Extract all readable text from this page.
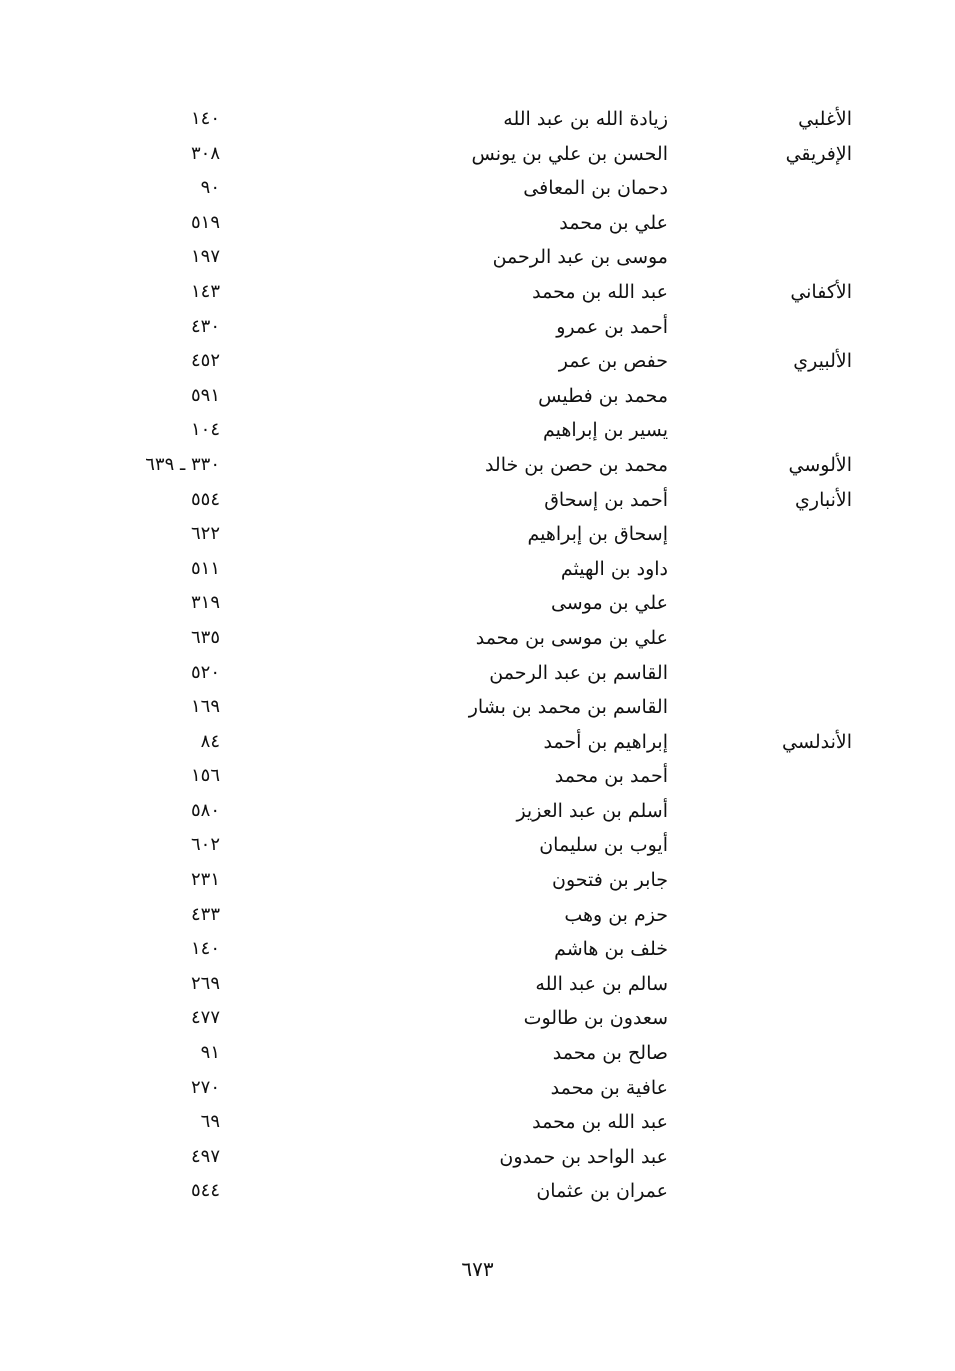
الأغلبي
زيادة الله بن عبد الله
١٤٠
الإفريقي
الحسن بن علي بن يونس
٣٠٨
دحمان بن المعافى
٩٠
علي بن محمد
٥١٩
موسى بن عبد الرحمن
١٩٧
الأكفاني
عبد الله بن محمد
١٤٣
أحمد بن عمرو
٤٣٠
الألبيري
حفص بن عمر
٤٥٢
محمد بن فطيس
٥٩١
يسير بن إبراهيم
١٠٤
الألوسي
محمد بن حصن بن خالد
٣٣٠ ـ ٦٣٩
الأنباري
أحمد بن إسحاق
٥٥٤
إسحاق بن إبراهيم
٦٢٢
داود بن الهيثم
٥١١
علي بن موسى
٣١٩
علي بن موسى بن محمد
٦٣٥
القاسم بن عبد الرحمن
٥٢٠
القاسم بن محمد بن بشار
١٦٩
الأندلسي
إبراهيم بن أحمد
٨٤
أحمد بن محمد
١٥٦
أسلم بن عبد العزيز
٥٨٠
أيوب بن سليمان
٦٠٢
جابر بن فتحون
٢٣١
حزم بن وهب
٤٣٣
خلف بن هاشم
١٤٠
سالم بن عبد الله
٢٦٩
سعدون بن طالوت
٤٧٧
صالح بن محمد
٩١
عافية بن محمد
٢٧٠
عبد الله بن محمد
٦٩
عبد الواحد بن حمدون
٤٩٧
عمران بن عثمان
٥٤٤
٦٧٣
